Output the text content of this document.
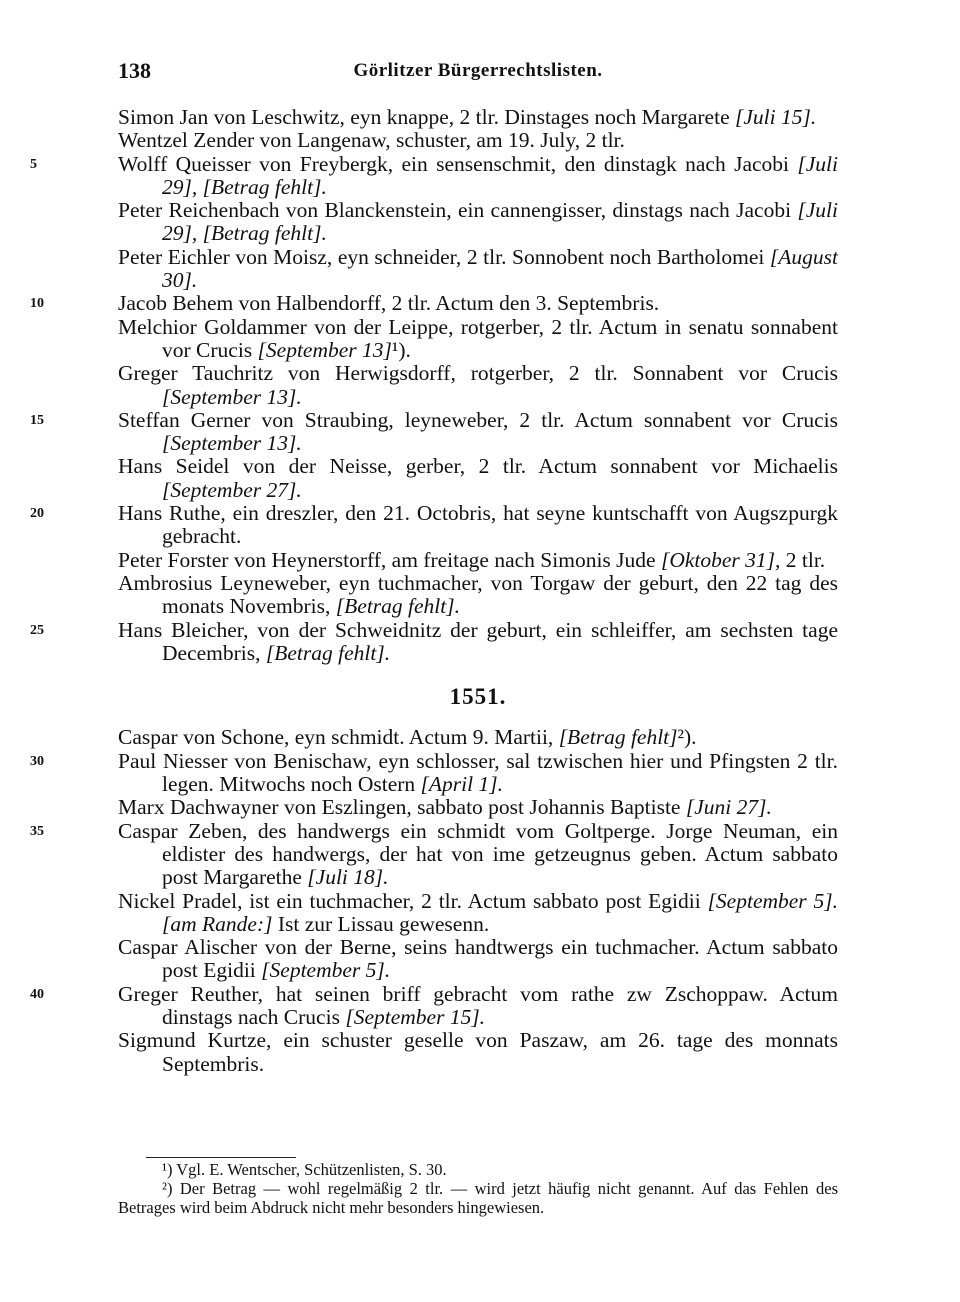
138	Görlitzer Bürgerrechtslisten.
Simon Jan von Leschwitz, eyn knappe, 2 tlr. Dinstages noch Margarete [Juli 15].
Wentzel Zender von Langenaw, schuster, am 19. July, 2 tlr.
5	Wolff Queisser von Freybergk, ein sensenschmit, den dinstagk nach Jacobi [Juli 29], [Betrag fehlt].
Peter Reichenbach von Blanckenstein, ein cannengisser, dinstags nach Jacobi [Juli 29], [Betrag fehlt].
Peter Eichler von Moisz, eyn schneider, 2 tlr. Sonnobent noch Bartholomei [August 30].
10	Jacob Behem von Halbendorff, 2 tlr. Actum den 3. Septembris.
Melchior Goldammer von der Leippe, rotgerber, 2 tlr. Actum in senatu sonnabent vor Crucis [September 13]¹).
Greger Tauchritz von Herwigsdorff, rotgerber, 2 tlr. Sonnabent vor Crucis [September 13].
15	Steffan Gerner von Straubing, leyneweber, 2 tlr. Actum sonnabent vor Crucis [September 13].
Hans Seidel von der Neisse, gerber, 2 tlr. Actum sonnabent vor Michaelis [September 27].
20	Hans Ruthe, ein dreszler, den 21. Octobris, hat seyne kuntschafft von Augszpurgk gebracht.
Peter Forster von Heynerstorff, am freitage nach Simonis Jude [Oktober 31], 2 tlr.
Ambrosius Leyneweber, eyn tuchmacher, von Torgaw der geburt, den 22 tag des monats Novembris, [Betrag fehlt].
25	Hans Bleicher, von der Schweidnitz der geburt, ein schleiffer, am sechsten tage Decembris, [Betrag fehlt].
1551.
Caspar von Schone, eyn schmidt. Actum 9. Martii, [Betrag fehlt]²).
30	Paul Niesser von Benischaw, eyn schlosser, sal tzwischen hier und Pfingsten 2 tlr. legen. Mitwochs noch Ostern [April 1].
Marx Dachwayner von Eszlingen, sabbato post Johannis Baptiste [Juni 27].
35	Caspar Zeben, des handwergs ein schmidt vom Goltperge. Jorge Neuman, ein eldister des handwergs, der hat von ime getzeugnus geben. Actum sabbato post Margarethe [Juli 18].
Nickel Pradel, ist ein tuchmacher, 2 tlr. Actum sabbato post Egidii [September 5]. [am Rande:] Ist zur Lissau gewesenn.
Caspar Alischer von der Berne, seins handtwergs ein tuchmacher. Actum sabbato post Egidii [September 5].
40	Greger Reuther, hat seinen briff gebracht vom rathe zw Zschoppaw. Actum dinstags nach Crucis [September 15].
Sigmund Kurtze, ein schuster geselle von Paszaw, am 26. tage des monnats Septembris.
¹) Vgl. E. Wentscher, Schützenlisten, S. 30.
²) Der Betrag — wohl regelmäßig 2 tlr. — wird jetzt häufig nicht genannt. Auf das Fehlen des Betrages wird beim Abdruck nicht mehr besonders hingewiesen.
